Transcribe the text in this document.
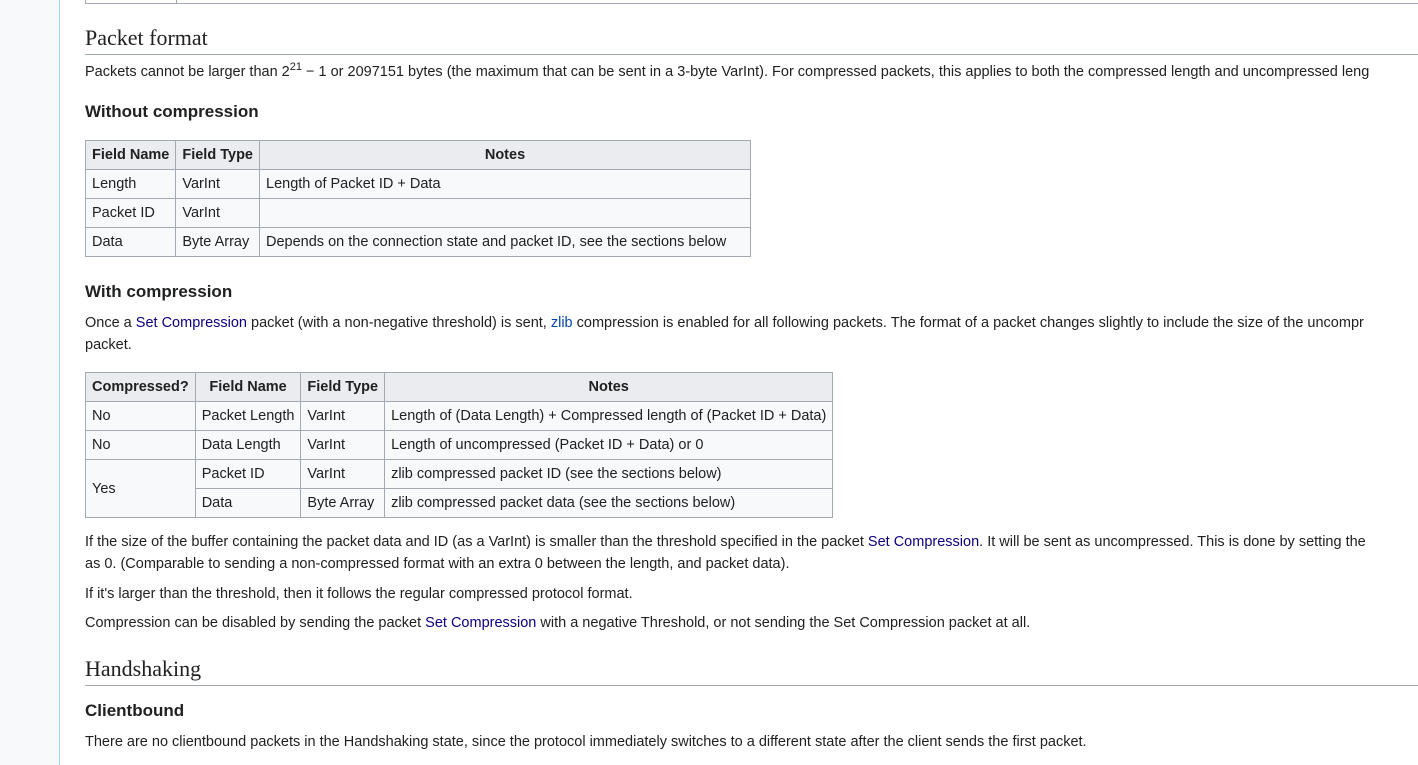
Packet format

Packets cannot be larger than $2^{21} - 1$ or 2097151 bytes (the maximum that can be sent in a 3-byte VarInt). For compressed packets, this applies to both the compressed length and uncompressed leng

Without compression
Field Name	Field Type	Notes
Length	VarInt	Length of Packet ID + Data
Packet ID	VarInt	
Data	Byte Array	Depends on the connection state and packet ID, see the sections below
With compression

Once a Set Compression packet (with a non-negative threshold) is sent, zlib compression is enabled for all following packets. The format of a packet changes slightly to include the size of the uncompr

packet.

Compressed?	Field Name	Field Type	Notes
No	Packet Length	VarInt	Length of (Data Length) + Compressed length of (Packet ID + Data)
No	Data Length	VarInt	Length of uncompressed (Packet ID + Data) or 0
Yes	Packet ID	VarInt	zlib compressed packet ID (see the sections below)
	Data	Byte Array	zlib compressed packet data (see the sections below)

If the size of the buffer containing the packet data and ID (as a VarInt) is smaller than the threshold specified in the packet Set Compression. It will be sent as uncompressed. This is done by setting the

as 0. (Comparable to sending a non-compressed format with an extra 0 between the length, and packet data).

If it's larger than the threshold, then it follows the regular compressed protocol format.

Compression can be disabled by sending the packet Set Compression with a negative Threshold, or not sending the Set Compression packet at all.

Handshaking
Clientbound

There are no clientbound packets in the Handshaking state, since the protocol immediately switches to a different state after the client sends the first packet.
